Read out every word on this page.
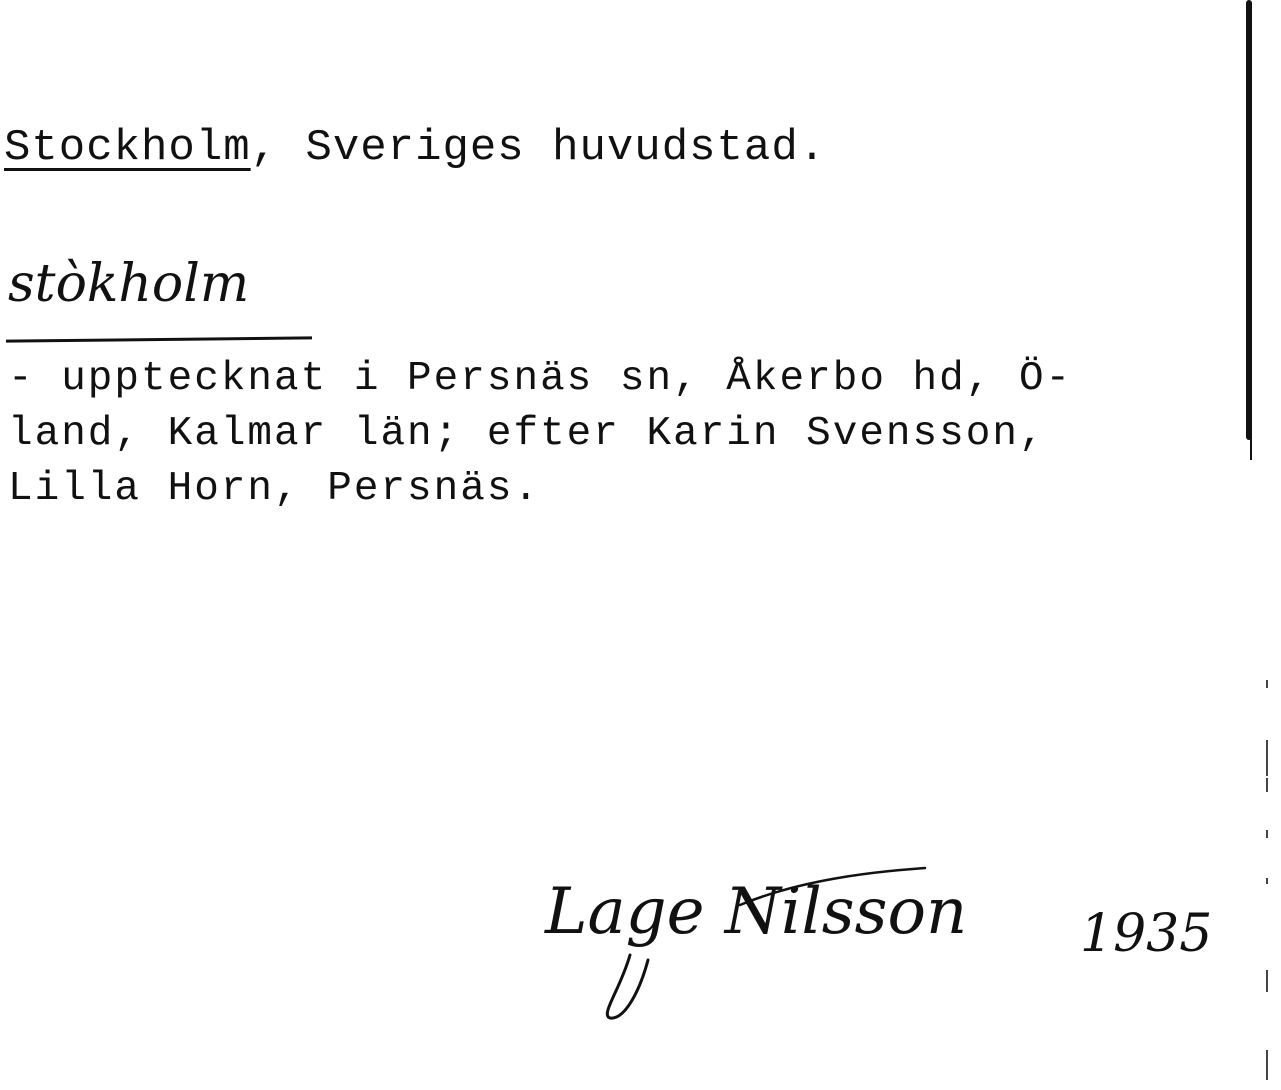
Stockholm, Sveriges huvudstad.
stòkholm
- upptecknat i Persnäs sn, Åkerbo hd, Ö-
land, Kalmar län; efter Karin Svensson,
Lilla Horn, Persnäs.
Lage Nilsson 1935
